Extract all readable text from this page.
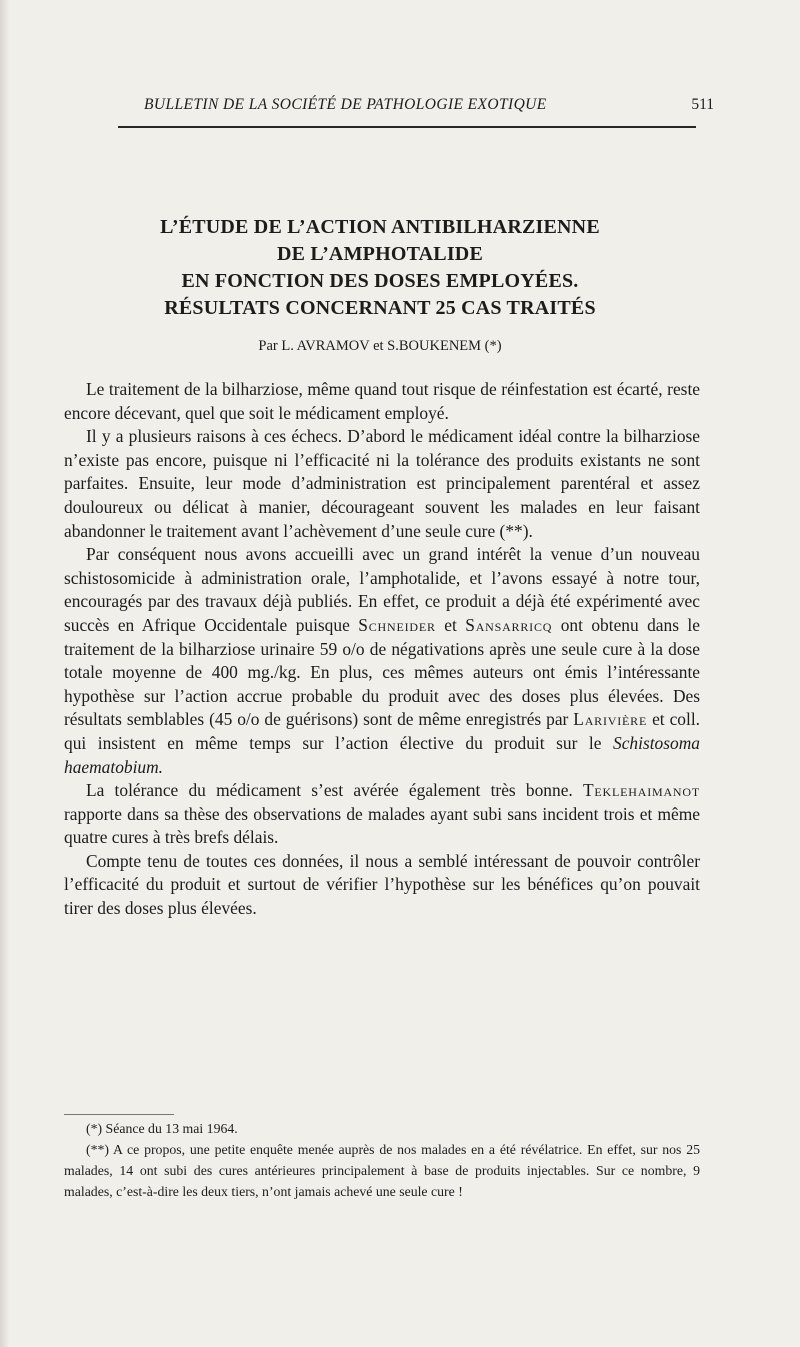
BULLETIN DE LA SOCIÉTÉ DE PATHOLOGIE EXOTIQUE	511
L’ÉTUDE DE L’ACTION ANTIBILHARZIENNE
DE L’AMPHOTALIDE
EN FONCTION DES DOSES EMPLOYÉES.
RÉSULTATS CONCERNANT 25 CAS TRAITÉS
Par L. AVRAMOV et S.BOUKENEM (*)

Le traitement de la bilharziose, même quand tout risque de réinfestation est écarté, reste encore décevant, quel que soit le médicament employé.

Il y a plusieurs raisons à ces échecs. D’abord le médicament idéal contre la bilharziose n’existe pas encore, puisque ni l’efficacité ni la tolérance des produits existants ne sont parfaites. Ensuite, leur mode d’administration est principalement parentéral et assez douloureux ou délicat à manier, décourageant souvent les malades en leur faisant abandonner le traitement avant l’achèvement d’une seule cure (**).

Par conséquent nous avons accueilli avec un grand intérêt la venue d’un nouveau schistosomicide à administration orale, l’amphotalide, et l’avons essayé à notre tour, encouragés par des travaux déjà publiés. En effet, ce produit a déjà été expérimenté avec succès en Afrique Occidentale puisque Schneider et Sansarricq ont obtenu dans le traitement de la bilharziose urinaire 59 o/o de négativations après une seule cure à la dose totale moyenne de 400 mg./kg. En plus, ces mêmes auteurs ont émis l’intéressante hypothèse sur l’action accrue probable du produit avec des doses plus élevées. Des résultats semblables (45 o/o de guérisons) sont de même enregistrés par Larivière et coll. qui insistent en même temps sur l’action élective du produit sur le Schistosoma haematobium.

La tolérance du médicament s’est avérée également très bonne. Teklehaimanot rapporte dans sa thèse des observations de malades ayant subi sans incident trois et même quatre cures à très brefs délais.

Compte tenu de toutes ces données, il nous a semblé intéressant de pouvoir contrôler l’efficacité du produit et surtout de vérifier l’hypothèse sur les bénéfices qu’on pouvait tirer des doses plus élevées.

(*) Séance du 13 mai 1964.

(**) A ce propos, une petite enquête menée auprès de nos malades en a été révélatrice. En effet, sur nos 25 malades, 14 ont subi des cures antérieures principalement à base de produits injectables. Sur ce nombre, 9 malades, c’est-à-dire les deux tiers, n’ont jamais achevé une seule cure !
